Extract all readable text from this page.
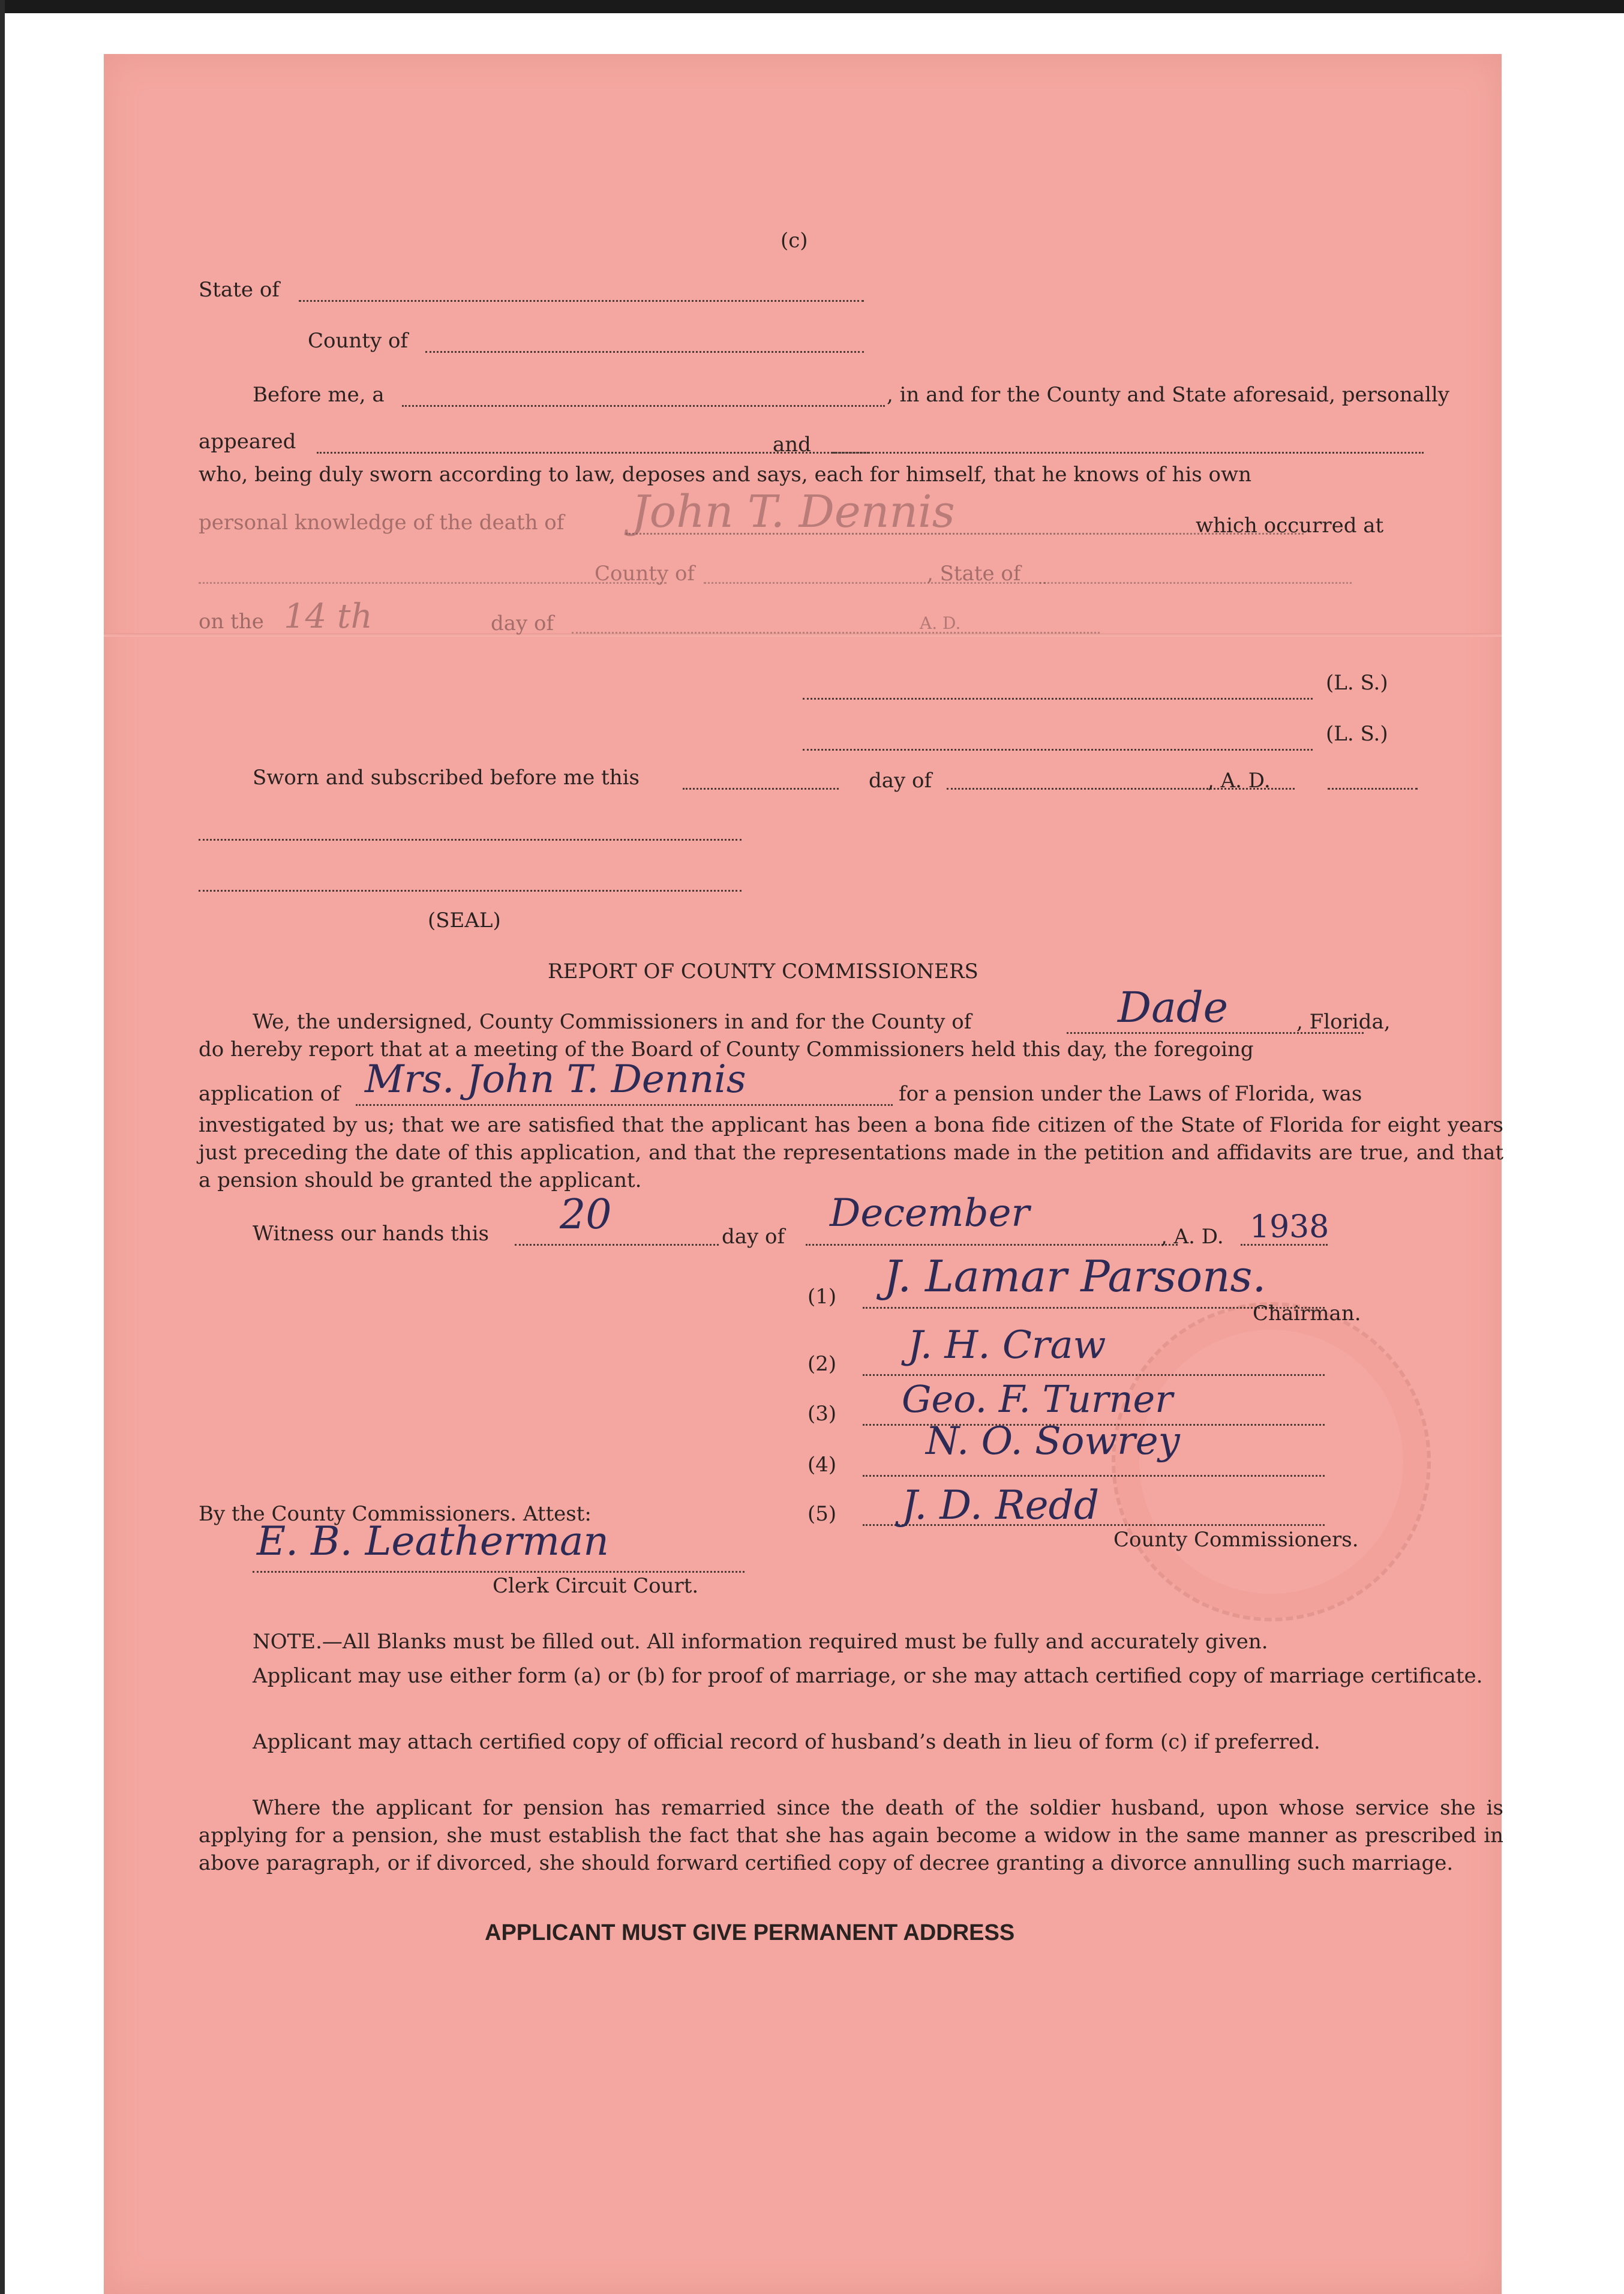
(c)
State of
County of
Before me, a	, in and for the County and State aforesaid, personally
appeared	and
who, being duly sworn according to law, deposes and says, each for himself, that he knows of his own
personal knowledge of the death of John T. Dennis	which occurred at
County of	, State of
on the 14 th	day of	A. D.
(L. S.)
(L. S.)
Sworn and subscribed before me this	day of	, A. D.
(SEAL)
REPORT OF COUNTY COMMISSIONERS
We, the undersigned, County Commissioners in and for the County of	Dade	, Florida,
do hereby report that at a meeting of the Board of County Commissioners held this day, the foregoing
application of Mrs. John T. Dennis	for a pension under the Laws of Florida, was
investigated by us; that we are satisfied that the applicant has been a bona fide citizen of the State of Florida for eight years just preceding the date of this application, and that the representations made in the petition and affidavits are true, and that a pension should be granted the applicant.
Witness our hands this 20	day of
December
, A. D. 1938
(1) J. Lamar Parsons.
Chairman.
(2) J. H. Craw
(3) Geo. F. Turner
(4)
N. O. Sowrey
(5) J. D. Redd
County Commissioners.
By the County Commissioners. Attest:
E. B. Leatherman
Clerk Circuit Court.
NOTE.—All Blanks must be filled out. All information required must be fully and accurately given.
Applicant may use either form (a) or (b) for proof of marriage, or she may attach certified copy of marriage certificate.
Applicant may attach certified copy of official record of husband’s death in lieu of form (c) if preferred.
Where the applicant for pension has remarried since the death of the soldier husband, upon whose service she is applying for a pension, she must establish the fact that she has again become a widow in the same manner as prescribed in above paragraph, or if divorced, she should forward certified copy of decree granting a divorce annulling such marriage.
APPLICANT MUST GIVE PERMANENT ADDRESS
